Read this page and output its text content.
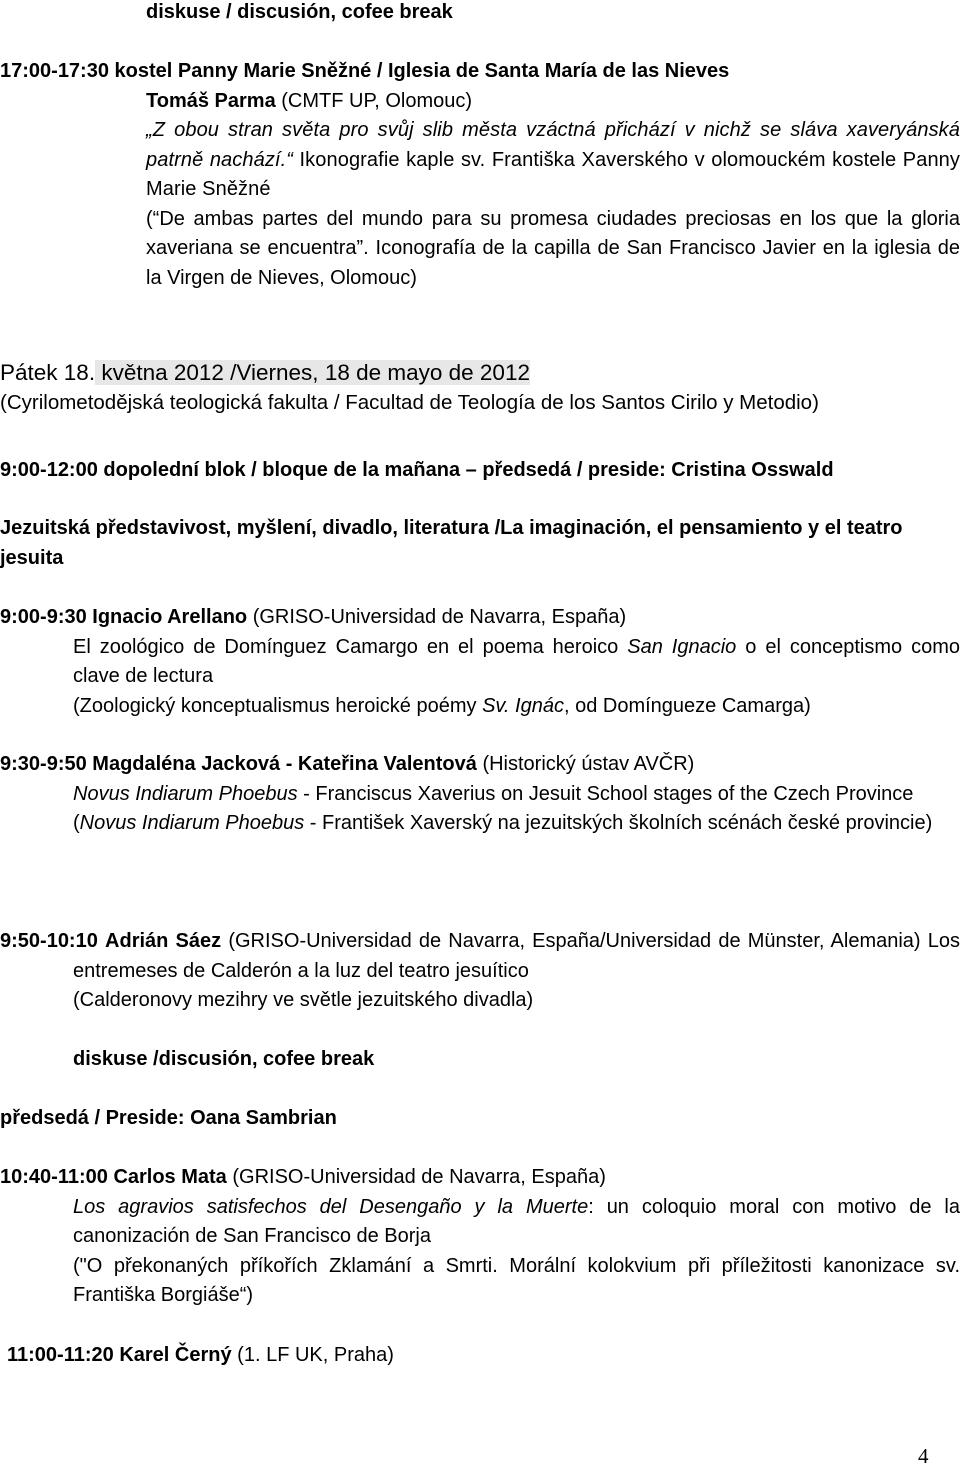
diskuse / discusión, cofee break

17:00-17:30 kostel Panny Marie Sněžné / Iglesia de Santa María de las Nieves

Tomáš Parma (CMTF UP, Olomouc)

„Z obou stran světa pro svůj slib města vzáctná přichází v nichž se sláva xaveryánská patrně nachází.“ Ikonografie kaple sv. Františka Xaverského v olomouckém kostele Panny Marie Sněžné

(“De ambas partes del mundo para su promesa ciudades preciosas en los que la gloria xaveriana se encuentra”. Iconografía de la capilla de San Francisco Javier en la iglesia de la Virgen de Nieves, Olomouc)

Pátek 18. května 2012 /Viernes, 18 de mayo de 2012

(Cyrilometodějská teologická fakulta / Facultad de Teología de los Santos Cirilo y Metodio)

9:00-12:00 dopolední blok / bloque de la mañana – předsedá / preside: Cristina Osswald
Jezuitská představivost, myšlení, divadlo, literatura /La imaginación, el pensamiento y el teatro jesuita

9:00-9:30 Ignacio Arellano (GRISO-Universidad de Navarra, España)

El zoológico de Domínguez Camargo en el poema heroico San Ignacio o el conceptismo como clave de lectura

(Zoologický konceptualismus heroické poémy Sv. Ignác, od Domíngueze Camarga)

9:30-9:50 Magdaléna Jacková - Kateřina Valentová (Historický ústav AVČR)

Novus Indiarum Phoebus - Franciscus Xaverius on Jesuit School stages of the Czech Province

(Novus Indiarum Phoebus - František Xaverský na jezuitských školních scénách české provincie)

9:50-10:10 Adrián Sáez (GRISO-Universidad de Navarra, España/Universidad de Münster, Alemania) Los entremeses de Calderón a la luz del teatro jesuítico

(Calderonovy mezihry ve světle jezuitského divadla)

diskuse /discusión, cofee break
předsedá / Preside: Oana Sambrian

10:40-11:00 Carlos Mata (GRISO-Universidad de Navarra, España)

Los agravios satisfechos del Desengaño y la Muerte: un coloquio moral con motivo de la canonización de San Francisco de Borja

("O překonaných příkořích Zklamání a Smrti. Morální kolokvium při příležitosti kanonizace sv. Františka Borgiáše“)

11:00-11:20 Karel Černý (1. LF UK, Praha)

4
